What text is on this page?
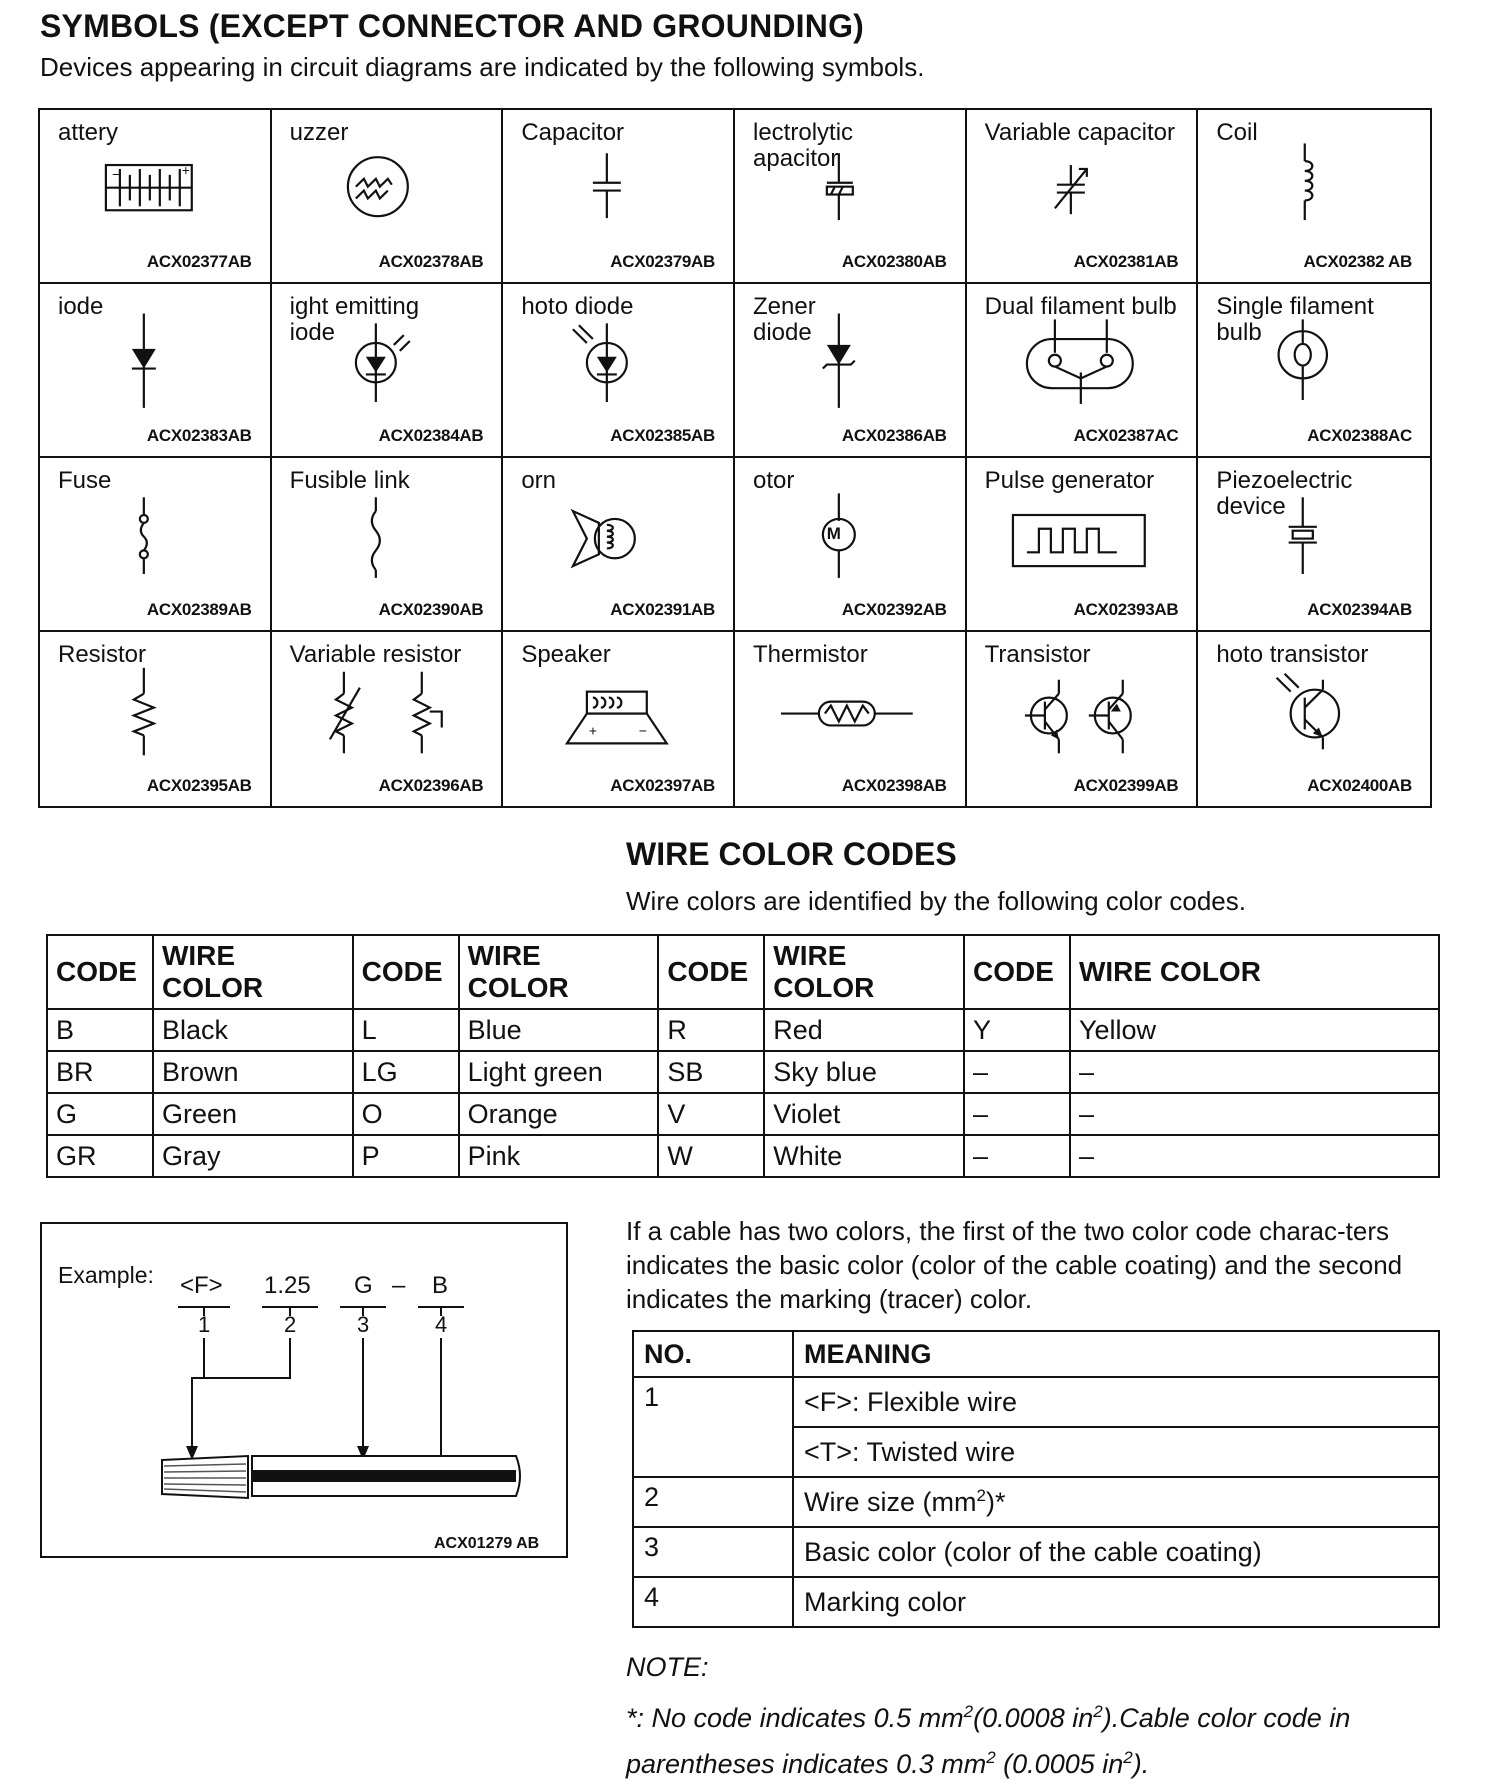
SYMBOLS (EXCEPT CONNECTOR AND GROUNDING)
Devices appearing in circuit diagrams are indicated by the following symbols.
+
−
attery
ACX02377AB
uzzer
ACX02378AB
Capacitor
ACX02379AB
lectrolytic
apacitor
ACX02380AB
Variable capacitor
ACX02381AB
Coil
ACX02382 AB
iode
ACX02383AB
ight emitting
iode
ACX02384AB
hoto diode
ACX02385AB
Zener
diode
ACX02386AB
Dual filament bulb
ACX02387AC
Single filament
bulb
ACX02388AC
Fuse
ACX02389AB
Fusible link
ACX02390AB
orn
ACX02391AB
M
otor
ACX02392AB
Pulse generator
ACX02393AB
Piezoelectric
device
ACX02394AB
Resistor
ACX02395AB
Variable resistor
ACX02396AB
+	−
Speaker
ACX02397AB
Thermistor
ACX02398AB
Transistor
ACX02399AB
hoto transistor
ACX02400AB
WIRE COLOR CODES
Wire colors are identified by the following color codes.
CODE	WIRE COLOR	CODE	WIRE COLOR	CODE	WIRE COLOR	CODE	WIRE COLOR
B	Black	L	Blue	R	Red	Y	Yellow
BR	Brown	LG	Light green	SB	Sky blue	–	–
G	Green	O	Orange	V	Violet	–	–
GR	Gray	P	Pink	W	White	–	–
<F> 1.25 G – B
1	2	3	4
Example:
ACX01279 AB
If a cable has two colors, the first of the two color code charac-ters indicates the basic color (color of the cable coating) and the second indicates the marking (tracer) color.
NO.	MEANING
1	<F>: Flexible wire
	<T>: Twisted wire
2	Wire size $(mm^2)*$
3	Basic color (color of the cable coating)
4	Marking color
NOTE:
*: No code indicates 0.5 $mm^2(0.0008$ $in^2).Cable$ color code in
parentheses indicates 0.3 $mm^2$ (0.0005 $in^2$).
